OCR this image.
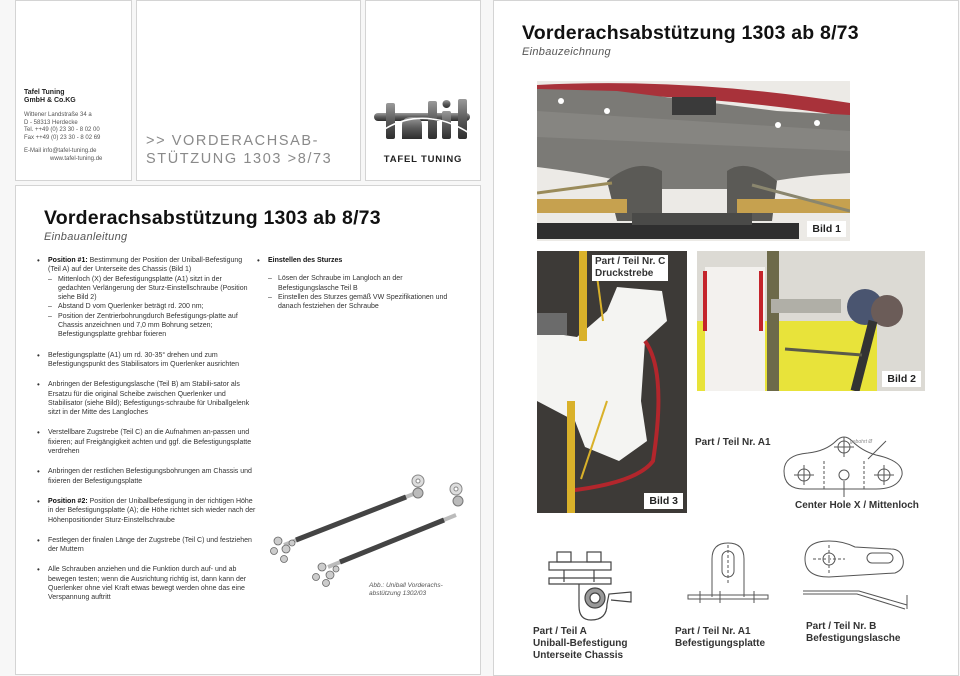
Tafel Tuning
GmbH & Co.KG
Wittener Landstraße 34 a
D - 58313 Herdecke
Tel. ++49 (0) 23 30 - 8 02 00
Fax ++49 (0) 23 30 - 8 02 69
E-Mail info@tafel-tuning.de
www.tafel-tuning.de
>> VORDERACHSAB-
STÜTZUNG 1303 >8/73	TAFEL TUNING
Vorderachsabstützung 1303 ab 8/73
Einbauanleitung
• Position #1: Bestimmung der Position der Uniball-Befestigung (Teil A) auf der Unterseite des Chassis (Bild 1)
– Mittenloch (X) der Befestigungsplatte (A1) sitzt in der gedachten Verlängerung der Sturz-Einstellschraube (Position siehe Bild 2)
– Abstand D vom Querlenker beträgt rd. 200 nm;
– Position der Zentrierbohrungdurch Befestigungs-platte auf Chassis anzeichnen und 7,0 mm Bohrung setzen; Befestigungsplatte grehbar fixieren
• Befestigungsplatte (A1) um rd. 30-35° drehen und zum Befestigungspunkt des Stabilisators im Querlenker ausrichten
• Anbringen der Befestigungslasche (Teil B) am Stabili-sator als Ersatzu für die original Scheibe zwischen Querlenker und Stabilisator (siehe Bild); Befestigungs-schraube für Uniballgelenk sitzt in der Mitte des Langloches
• Verstellbare Zugstrebe (Teil C) an die Aufnahmen an-passen und fixieren; auf Freigängigkeit achten und ggf. die Befestigungsplatte verdrehen
• Anbringen der restlichen Befestigungsbohrungen am Chassis und fixieren der Befestigungsplatte
• Position #2: Position der Uniballbefestigung in der richtigen Höhe in der Befestigungsplatte (A); die Höhe richtet sich wieder nach der Höhenpositionder Sturz-Einstellschraube
• Festlegen der finalen Länge der Zugstrebe (Teil C) und festziehen der Muttern
• Alle Schrauben anziehen und die Funktion durch auf- und ab bewegen testen; wenn die Ausrichtung richtig ist, dann kann der Querlenker ohne viel Kraft etwas bewegt werden ohne das eine Verspannung auftritt
• Einstellen des Sturzes
– Lösen der Schraube im Langloch an der Befestigungslasche Teil B
– Einstellen des Sturzes gemäß VW Spezifikationen und danach festziehen der Schraube
Abb.: Uniball Vorderachs-
abstützung 1302/03
Vorderachsabstützung 1303 ab 8/73
Einbauzeichnung
Bild 1
Part / Teil Nr. C
Druckstrebe
Bild 3
Bild 2
Part / Teil Nr. A1	gebohrt Ø
Center Hole X / Mittenloch
Part / Teil A
Uniball-Befestigung
Unterseite Chassis
Part / Teil Nr. A1
Befestigungsplatte
Part / Teil Nr. B
Befestigungslasche
